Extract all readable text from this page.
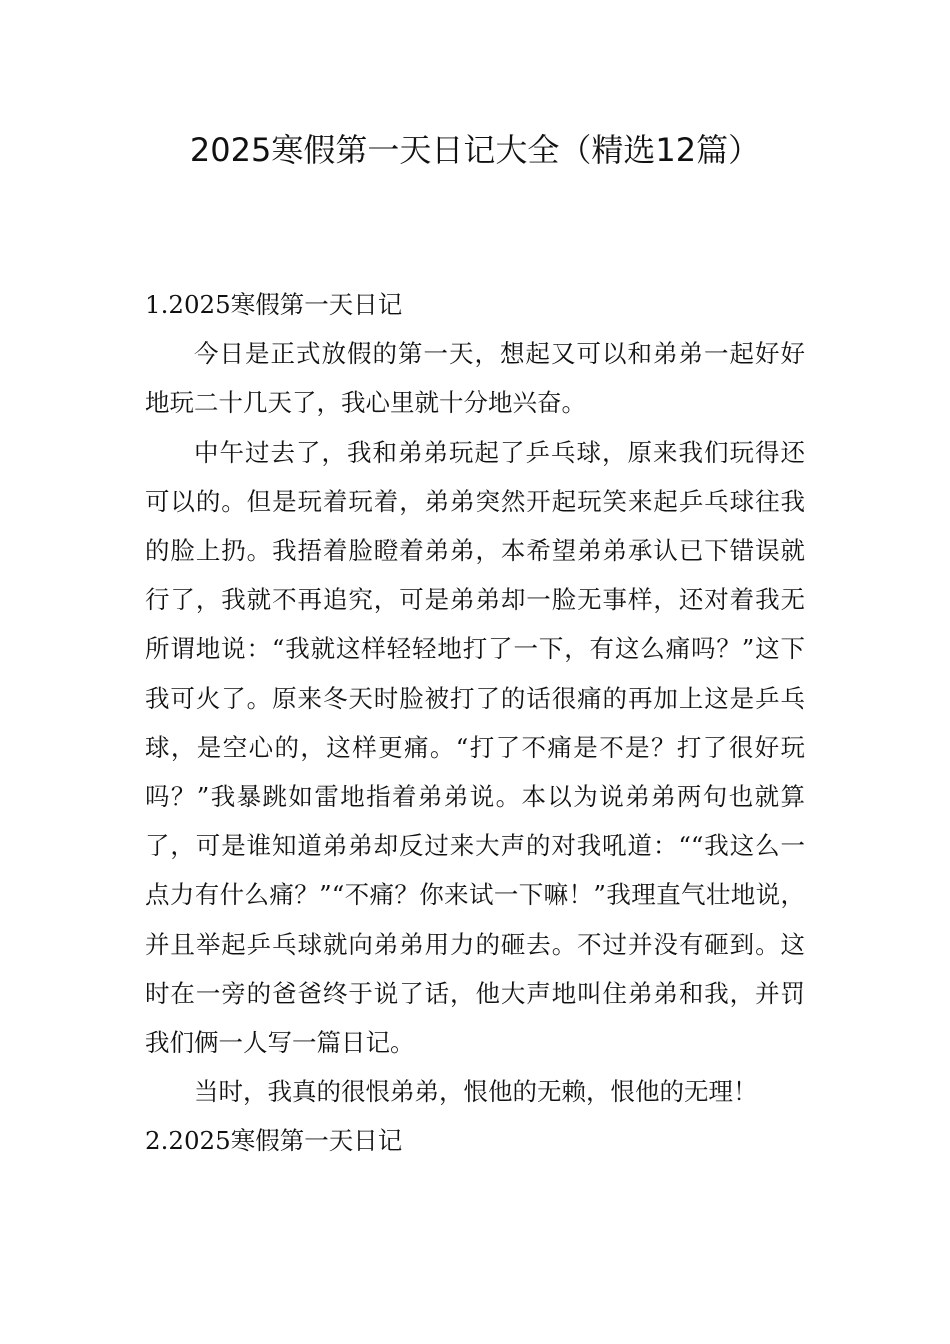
2025寒假第一天日记大全（精选12篇）
1.2025寒假第一天日记

今日是正式放假的第一天，想起又可以和弟弟一起好好地玩二十几天了，我心里就十分地兴奋。

中午过去了，我和弟弟玩起了乒乓球，原来我们玩得还可以的。但是玩着玩着，弟弟突然开起玩笑来起乒乓球往我的脸上扔。我捂着脸瞪着弟弟，本希望弟弟承认已下错误就行了，我就不再追究，可是弟弟却一脸无事样，还对着我无所谓地说：“我就这样轻轻地打了一下，有这么痛吗？”这下我可火了。原来冬天时脸被打了的话很痛的再加上这是乒乓球，是空心的，这样更痛。“打了不痛是不是？打了很好玩吗？”我暴跳如雷地指着弟弟说。本以为说弟弟两句也就算了，可是谁知道弟弟却反过来大声的对我吼道：““我这么一点力有什么痛？”“不痛？你来试一下嘛！”我理直气壮地说，并且举起乒乓球就向弟弟用力的砸去。不过并没有砸到。这时在一旁的爸爸终于说了话，他大声地叫住弟弟和我，并罚我们俩一人写一篇日记。

当时，我真的很恨弟弟，恨他的无赖，恨他的无理！

2.2025寒假第一天日记
